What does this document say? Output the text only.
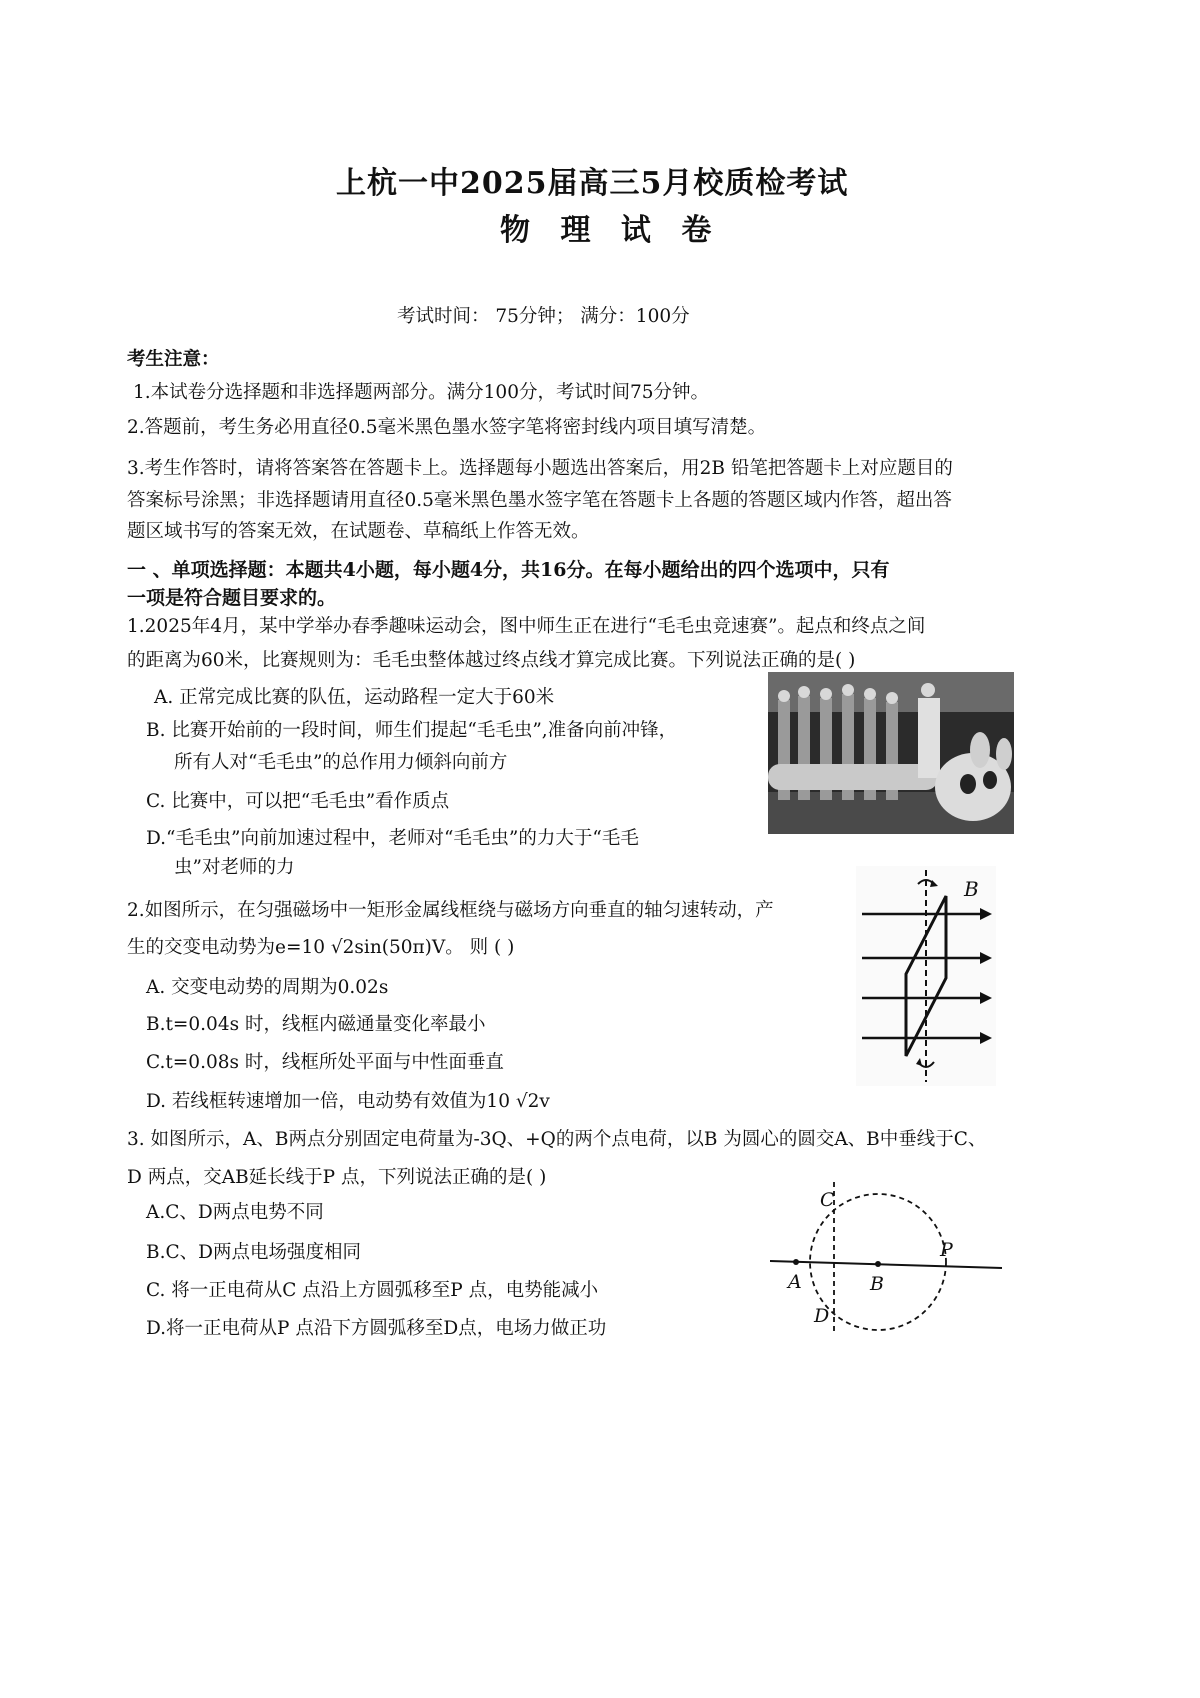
上杭一中2025届高三5月校质检考试
物 理 试 卷
考试时间： 75分钟； 满分：100分
考生注意：
1.本试卷分选择题和非选择题两部分。满分100分，考试时间75分钟。
2.答题前，考生务必用直径0.5毫米黑色墨水签字笔将密封线内项目填写清楚。
3.考生作答时，请将答案答在答题卡上。选择题每小题选出答案后，用2B 铅笔把答题卡上对应题目的
答案标号涂黑；非选择题请用直径0.5毫米黑色墨水签字笔在答题卡上各题的答题区域内作答，超出答
题区域书写的答案无效，在试题卷、草稿纸上作答无效。
一 、单项选择题：本题共4小题，每小题4分，共16分。在每小题给出的四个选项中，只有
一项是符合题目要求的。
1.2025年4月，某中学举办春季趣味运动会，图中师生正在进行“毛毛虫竞速赛”。起点和终点之间
的距离为60米，比赛规则为：毛毛虫整体越过终点线才算完成比赛。下列说法正确的是( )
A. 正常完成比赛的队伍，运动路程一定大于60米
B. 比赛开始前的一段时间，师生们提起“毛毛虫”,准备向前冲锋，
所有人对“毛毛虫”的总作用力倾斜向前方
C. 比赛中，可以把“毛毛虫”看作质点
D.“毛毛虫”向前加速过程中，老师对“毛毛虫”的力大于“毛毛
虫”对老师的力
2.如图所示，在匀强磁场中一矩形金属线框绕与磁场方向垂直的轴匀速转动，产
生的交变电动势为e=10 √2sin(50π)V。 则 ( )
A. 交变电动势的周期为0.02s
B.t=0.04s 时，线框内磁通量变化率最小
C.t=0.08s 时，线框所处平面与中性面垂直
D. 若线框转速增加一倍，电动势有效值为10 √2v
B
3. 如图所示，A、B两点分别固定电荷量为-3Q、+Q的两个点电荷，以B 为圆心的圆交A、B中垂线于C、
D 两点，交AB延长线于P 点，下列说法正确的是( )
A.C、D两点电势不同
B.C、D两点电场强度相同
C. 将一正电荷从C 点沿上方圆弧移至P 点，电势能减小
D.将一正电荷从P 点沿下方圆弧移至D点，电场力做正功
C
D
A	B
P
